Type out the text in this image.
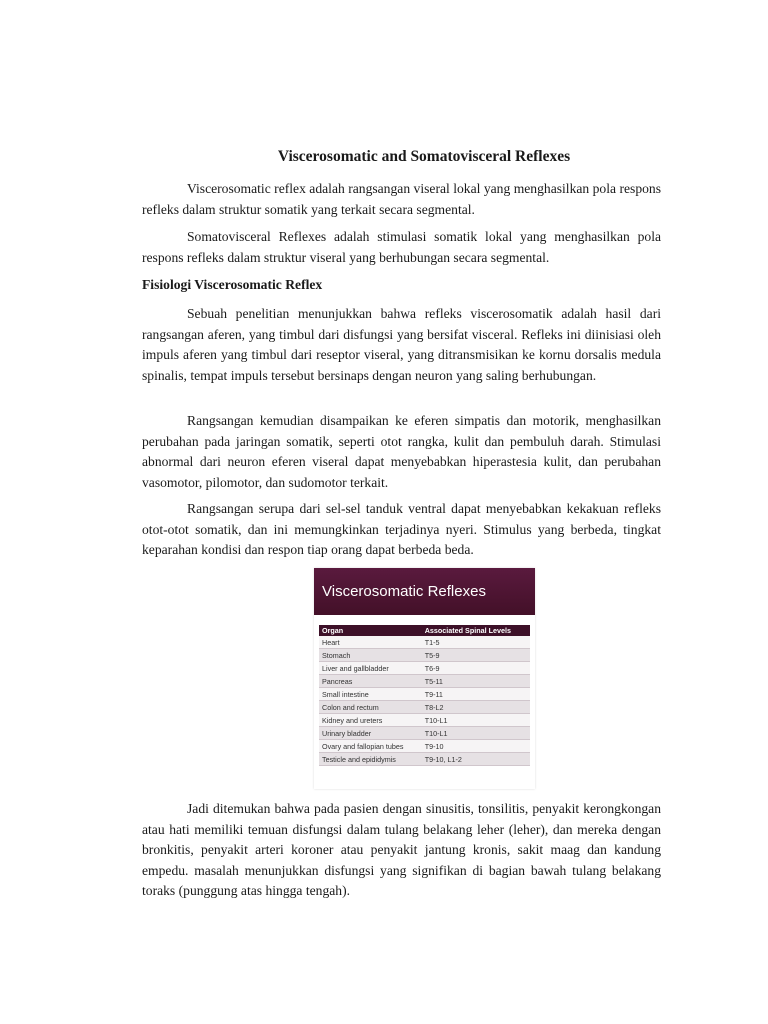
Viscerosomatic and Somatovisceral Reflexes

Viscerosomatic reflex adalah rangsangan viseral lokal yang menghasilkan pola respons refleks dalam struktur somatik yang terkait secara segmental.

Somatovisceral Reflexes adalah stimulasi somatik lokal yang menghasilkan pola respons refleks dalam struktur viseral yang berhubungan secara segmental.

Fisiologi Viscerosomatic Reflex

Sebuah penelitian menunjukkan bahwa refleks viscerosomatik adalah hasil dari rangsangan aferen, yang timbul dari disfungsi yang bersifat visceral. Refleks ini diinisiasi oleh impuls aferen yang timbul dari reseptor viseral, yang ditransmisikan ke kornu dorsalis medula spinalis, tempat impuls tersebut bersinaps dengan neuron yang saling berhubungan.

Rangsangan kemudian disampaikan ke eferen simpatis dan motorik, menghasilkan perubahan pada jaringan somatik, seperti otot rangka, kulit dan pembuluh darah. Stimulasi abnormal dari neuron eferen viseral dapat menyebabkan hiperastesia kulit, dan perubahan vasomotor, pilomotor, dan sudomotor terkait.

Rangsangan serupa dari sel-sel tanduk ventral dapat menyebabkan kekakuan refleks otot-otot somatik, dan ini memungkinkan terjadinya nyeri. Stimulus yang berbeda, tingkat keparahan kondisi dan respon tiap orang dapat berbeda beda.

Viscerosomatic Reflexes
Organ	Associated Spinal Levels
Heart	T1-5
Stomach	T5-9
Liver and gallbladder	T6-9
Pancreas	T5-11
Small intestine	T9-11
Colon and rectum	T8-L2
Kidney and ureters	T10-L1
Urinary bladder	T10-L1
Ovary and fallopian tubes	T9-10
Testicle and epididymis	T9-10, L1-2

Jadi ditemukan bahwa pada pasien dengan sinusitis, tonsilitis, penyakit kerongkongan atau hati memiliki temuan disfungsi dalam tulang belakang leher (leher), dan mereka dengan bronkitis, penyakit arteri koroner atau penyakit jantung kronis, sakit maag dan kandung empedu. masalah menunjukkan disfungsi yang signifikan di bagian bawah tulang belakang toraks (punggung atas hingga tengah).
